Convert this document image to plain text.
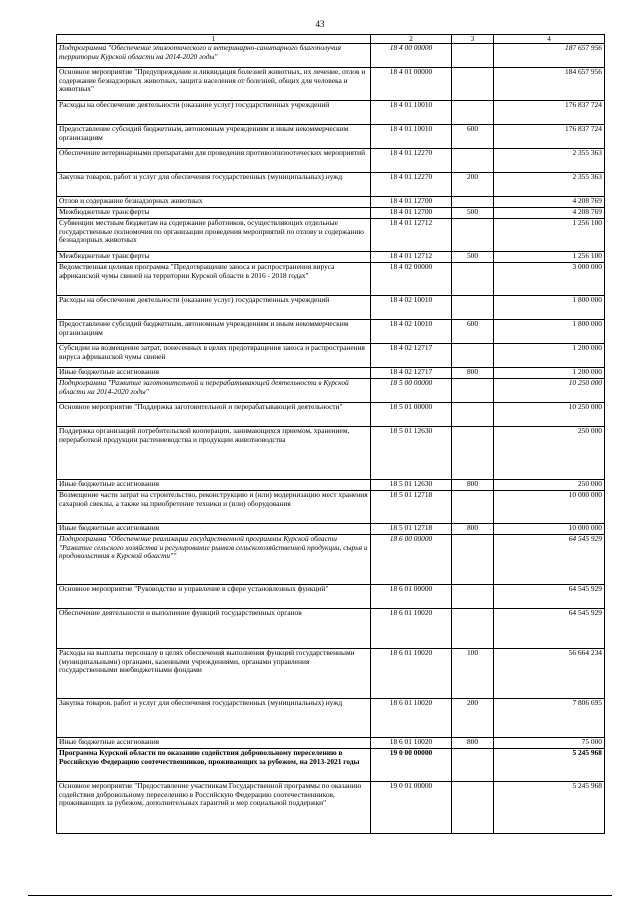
43
1	2	3	4
Подпрограмма "Обеспечение эпизоотического и ветеринарно-санитарного благополучия территории Курской области на 2014-2020 годы"	18 4 00 00000		187 657 956
Основное мероприятие "Предупреждение и ликвидация болезней животных, их лечение, отлов и содержание безнадзорных животных, защита населения от болезней, общих для человека и животных"	18 4 01 00000		184 657 956
Расходы на обеспечение деятельности (оказание услуг) государственных учреждений	18 4 01 10010		176 837 724
Предоставление субсидий бюджетным, автономным учреждениям и иным некоммерческим организациям	18 4 01 10010	600	176 837 724
Обеспечение ветеринарными препаратами для проведения противоэпизоотических мероприятий	18 4 01 12270		2 355 363
Закупка товаров, работ и услуг для обеспечения государственных (муниципальных) нужд	18 4 01 12270	200	2 355 363
Отлов и содержание безнадзорных животных	18 4 01 12700		4 208 769
Межбюджетные трансферты	18 4 01 12700	500	4 208 769
Субвенции местным бюджетам на содержание работников, осуществляющих отдельные государственные полномочия по организации проведения мероприятий по отлову и содержанию безнадзорных животных	18 4 01 12712		1 256 100
Межбюджетные трансферты	18 4 01 12712	500	1 256 100
Ведомственная целевая программа "Предотвращение заноса и распространения вируса африканской чумы свиней на территории Курской области в 2016 - 2018 годах"	18 4 02 00000		3 000 000
Расходы на обеспечение деятельности (оказание услуг) государственных учреждений	18 4 02 10010		1 800 000
Предоставление субсидий бюджетным, автономным учреждениям и иным некоммерческим организациям	18 4 02 10010	600	1 800 000
Субсидии на возмещение затрат, понесенных в целях предотвращения заноса и распространения вируса африканской чумы свиней	18 4 02 12717		1 200 000
Иные бюджетные ассигнования	18 4 02 12717	800	1 200 000
Подпрограмма "Развитие заготовительной и перерабатывающей деятельности в Курской области на 2014-2020 годы"	18 5 00 00000		10 250 000
Основное мероприятие "Поддержка заготовительной и перерабатывающей деятельности"	18 5 01 00000		10 250 000
Поддержка организаций потребительской кооперации, занимающихся приемом, хранением, переработкой продукции растениеводства и продукции животноводства	18 5 01 12630		250 000
Иные бюджетные ассигнования	18 5 01 12630	800	250 000
Возмещение части затрат на строительство, реконструкцию и (или) модернизацию мест хранения сахарной свеклы, а также на приобретение техники и (или) оборудования	18 5 01 12718		10 000 000
Иные бюджетные ассигнования	18 5 01 12718	800	10 000 000
Подпрограмма "Обеспечение реализации государственной программы Курской области "Развитие сельского хозяйства и регулирование рынков сельскохозяйственной продукции, сырья и продовольствия в Курской области""	18 6 00 00000		64 545 929
Основное мероприятие "Руководство и управление в сфере установленных функций"	18 6 01 00000		64 545 929
Обеспечение деятельности и выполнение функций государственных органов	18 6 01 10020		64 545 929
Расходы на выплаты персоналу в целях обеспечения выполнения функций государственными (муниципальными) органами, казенными учреждениями, органами управления государственными внебюджетными фондами	18 6 01 10020	100	56 664 234
Закупка товаров, работ и услуг для обеспечения государственных (муниципальных) нужд	18 6 01 10020	200	7 806 695
Иные бюджетные ассигнования	18 6 01 10020	800	75 000
Программа Курской области по оказанию содействия добровольному переселению в Российскую Федерацию соотечественников, проживающих за рубежом, на 2013-2021 годы	19 0 00 00000		5 245 968
Основное мероприятие "Предоставление участникам Государственной программы по оказанию содействия добровольному переселению в Российскую Федерацию соотечественников, проживающих за рубежом, дополнительных гарантий и мер социальной поддержки"	19 0 01 00000		5 245 968
